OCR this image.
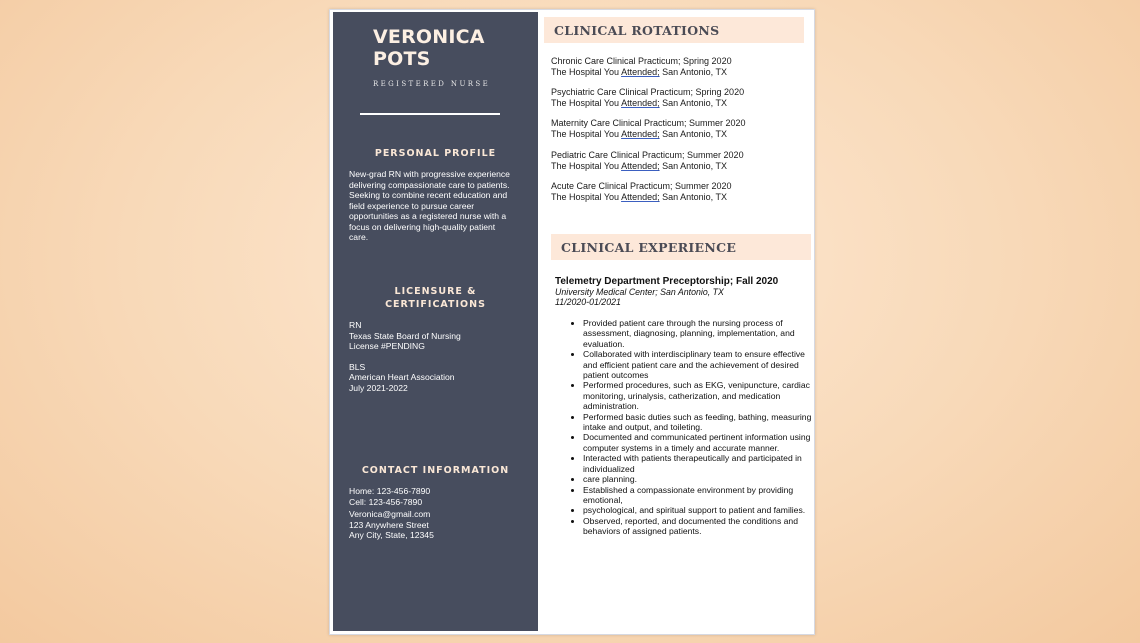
VERONICA
POTS
REGISTERED NURSE
PERSONAL PROFILE
New-grad RN with progressive experience
delivering compassionate care to patients.
Seeking to combine recent education and
field experience to pursue career
opportunities as a registered nurse with a
focus on delivering high-quality patient
care.
LICENSURE &
CERTIFICATIONS
RN
Texas State Board of Nursing
License #PENDING
BLS
American Heart Association
July 2021-2022
CONTACT INFORMATION
Home: 123-456-7890
Cell: 123-456-7890
Veronica@gmail.com
123 Anywhere Street
Any City, State, 12345
CLINICAL ROTATIONS
Chronic Care Clinical Practicum; Spring 2020
The Hospital You Attended; San Antonio, TX
Psychiatric Care Clinical Practicum; Spring 2020
The Hospital You Attended; San Antonio, TX
Maternity Care Clinical Practicum; Summer 2020
The Hospital You Attended; San Antonio, TX
Pediatric Care Clinical Practicum; Summer 2020
The Hospital You Attended; San Antonio, TX
Acute Care Clinical Practicum; Summer 2020
The Hospital You Attended; San Antonio, TX
CLINICAL EXPERIENCE
Telemetry Department Preceptorship; Fall 2020
University Medical Center; San Antonio, TX
11/2020-01/2021
• Provided patient care through the nursing process of assessment, diagnosing, planning, implementation, and evaluation.
• Collaborated with interdisciplinary team to ensure effective and efficient patient care and the achievement of desired patient outcomes
• Performed procedures, such as EKG, venipuncture, cardiac monitoring, urinalysis, catherization, and medication administration.
• Performed basic duties such as feeding, bathing, measuring intake and output, and toileting.
• Documented and communicated pertinent information using computer systems in a timely and accurate manner.
• Interacted with patients therapeutically and participated in individualized
• care planning.
• Established a compassionate environment by providing emotional,
• psychological, and spiritual support to patient and families.
• Observed, reported, and documented the conditions and behaviors of assigned patients.
